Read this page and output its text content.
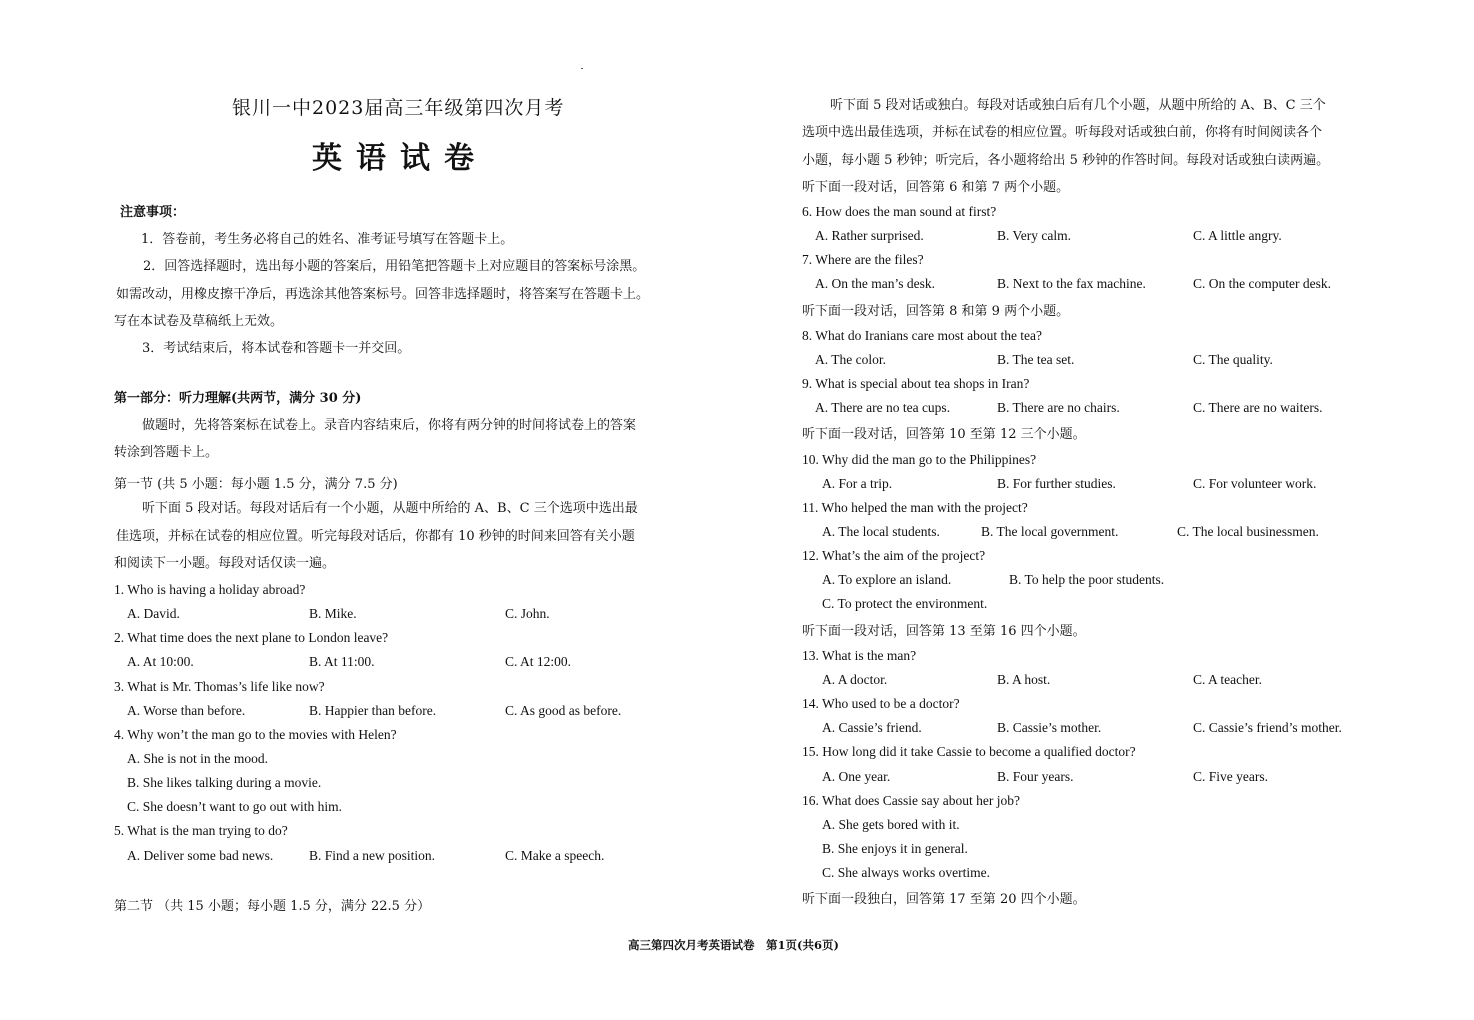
银川一中2023届高三年级第四次月考
英语试卷
注意事项：
1．答卷前，考生务必将自己的姓名、准考证号填写在答题卡上。
2．回答选择题时，选出每小题的答案后，用铅笔把答题卡上对应题目的答案标号涂黑。
如需改动，用橡皮擦干净后，再选涂其他答案标号。回答非选择题时，将答案写在答题卡上。
写在本试卷及草稿纸上无效。
3．考试结束后，将本试卷和答题卡一并交回。
第一部分：听力理解(共两节，满分 30 分)
做题时，先将答案标在试卷上。录音内容结束后，你将有两分钟的时间将试卷上的答案
转涂到答题卡上。
第一节 (共 5 小题：每小题 1.5 分，满分 7.5 分)
听下面 5 段对话。每段对话后有一个小题，从题中所给的 A、B、C 三个选项中选出最
佳选项，并标在试卷的相应位置。听完每段对话后，你都有 10 秒钟的时间来回答有关小题
和阅读下一小题。每段对话仅读一遍。
1. Who is having a holiday abroad?
A. David.	B. Mike.	C. John.
2. What time does the next plane to London leave?
A. At 10:00.	B. At 11:00.	C. At 12:00.
3. What is Mr. Thomas’s life like now?
A. Worse than before.	B. Happier than before.	C. As good as before.
4. Why won’t the man go to the movies with Helen?
A. She is not in the mood.
B. She likes talking during a movie.
C. She doesn’t want to go out with him.
5. What is the man trying to do?
A. Deliver some bad news.	B. Find a new position.	C. Make a speech.
第二节 （共 15 小题；每小题 1.5 分，满分 22.5 分）
听下面 5 段对话或独白。每段对话或独白后有几个小题，从题中所给的 A、B、C 三个
选项中选出最佳选项，并标在试卷的相应位置。听每段对话或独白前，你将有时间阅读各个
小题，每小题 5 秒钟；听完后，各小题将给出 5 秒钟的作答时间。每段对话或独白读两遍。
听下面一段对话，回答第 6 和第 7 两个小题。
6. How does the man sound at first?
A. Rather surprised.	B. Very calm.	C. A little angry.
7. Where are the files?
A. On the man’s desk.	B. Next to the fax machine.	C. On the computer desk.
听下面一段对话，回答第 8 和第 9 两个小题。
8. What do Iranians care most about the tea?
A. The color.	B. The tea set.	C. The quality.
9. What is special about tea shops in Iran?
A. There are no tea cups.	B. There are no chairs.	C. There are no waiters.
听下面一段对话，回答第 10 至第 12 三个小题。
10. Why did the man go to the Philippines?
A. For a trip.	B. For further studies.	C. For volunteer work.
11. Who helped the man with the project?
A. The local students.	B. The local government.	C. The local businessmen.
12. What’s the aim of the project?
A. To explore an island.	B. To help the poor students.
C. To protect the environment.
听下面一段对话，回答第 13 至第 16 四个小题。
13. What is the man?
A. A doctor.	B. A host.	C. A teacher.
14. Who used to be a doctor?
A. Cassie’s friend.	B. Cassie’s mother.	C. Cassie’s friend’s mother.
15. How long did it take Cassie to become a qualified doctor?
A. One year.	B. Four years.	C. Five years.
16. What does Cassie say about her job?
A. She gets bored with it.
B. She enjoys it in general.
C. She always works overtime.
听下面一段独白，回答第 17 至第 20 四个小题。
高三第四次月考英语试卷　第1页(共6页)
